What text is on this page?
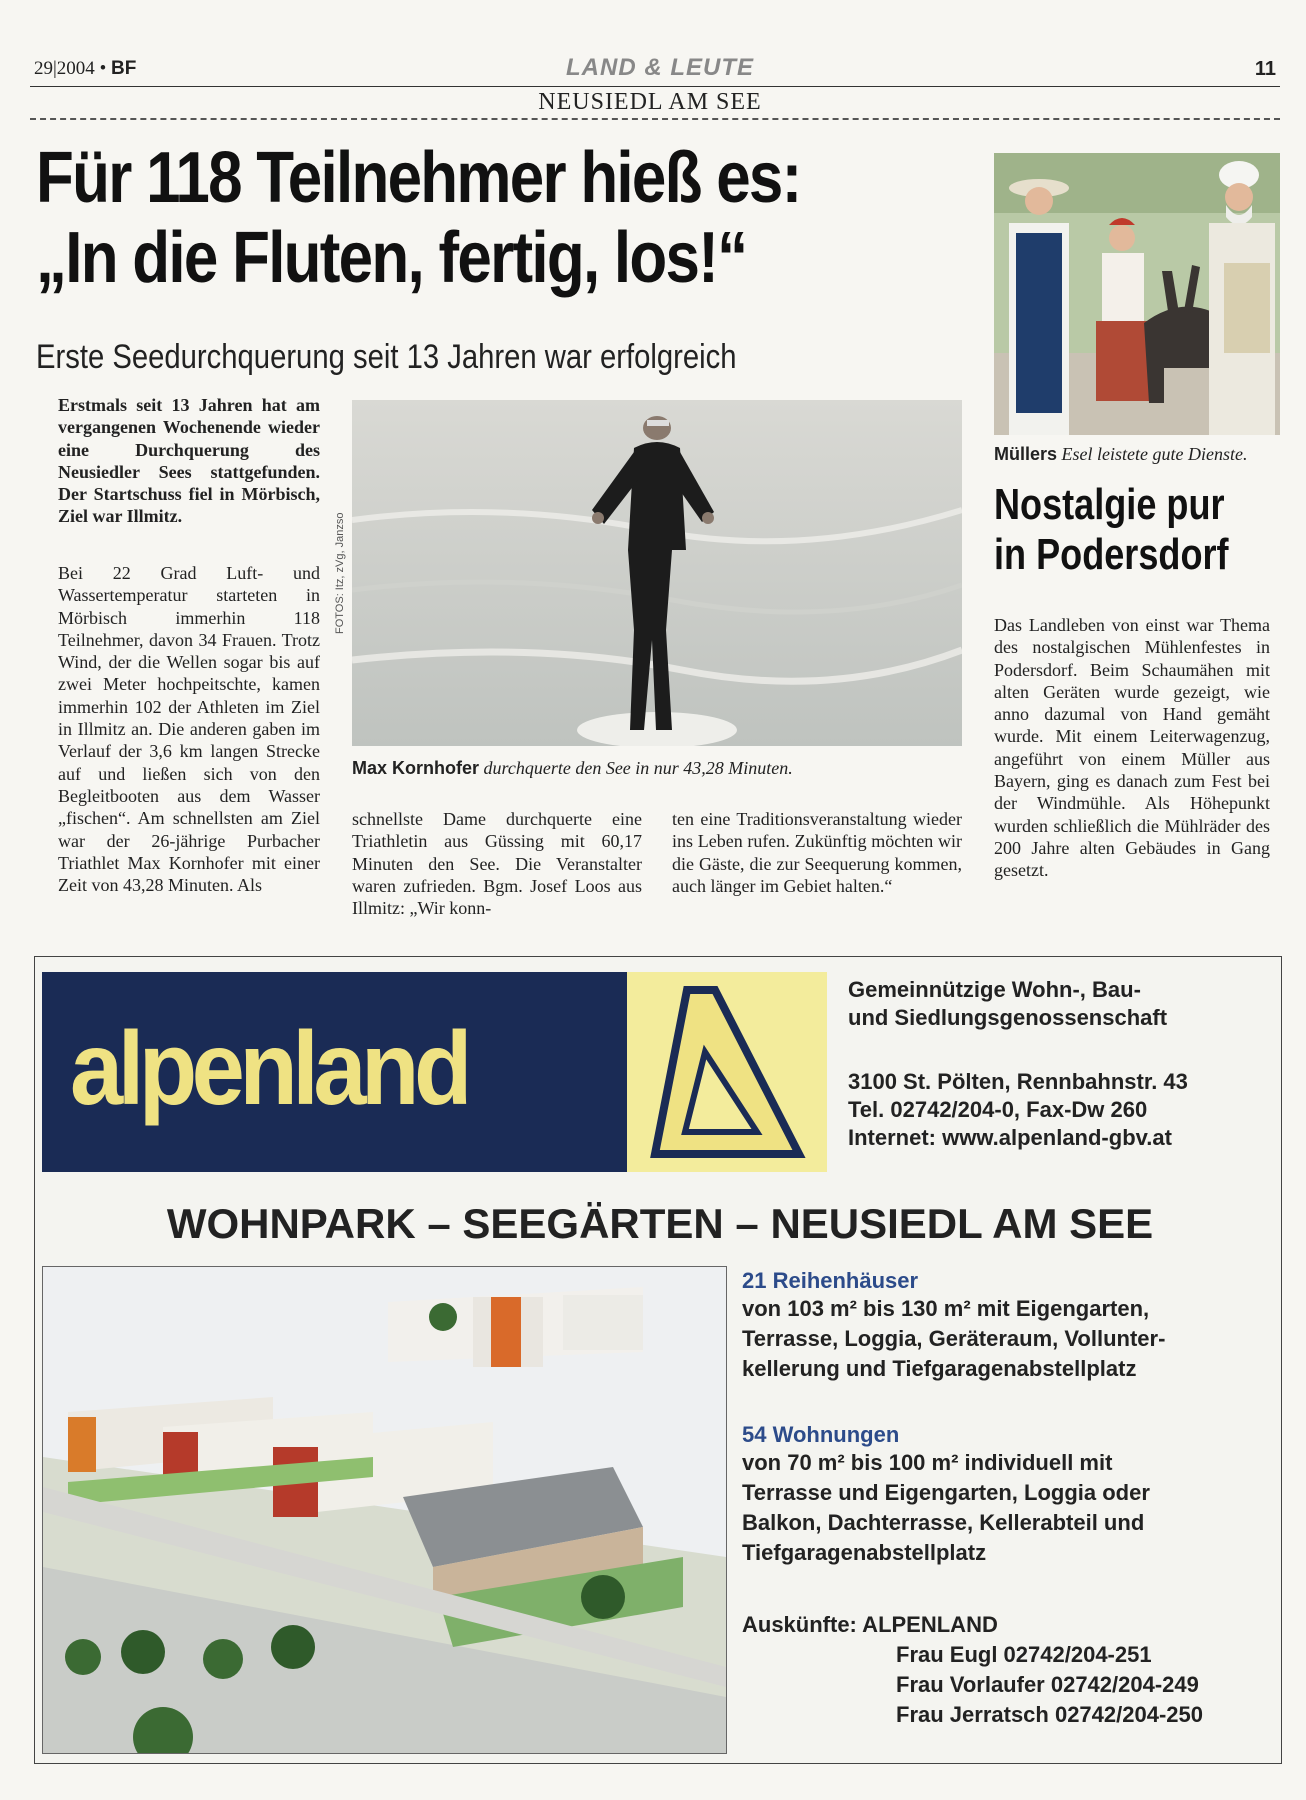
29|2004 • BF	LAND & LEUTE	11
NEUSIEDL AM SEE
Für 118 Teilnehmer hieß es:
„In die Fluten, fertig, los!“
Erste Seedurchquerung seit 13 Jahren war erfolgreich
Erstmals seit 13 Jahren hat am vergangenen Wochenende wieder eine Durchquerung des Neusiedler Sees stattgefunden. Der Startschuss fiel in Mörbisch, Ziel war Illmitz.
Bei 22 Grad Luft- und Wassertemperatur starteten in Mörbisch immerhin 118 Teilnehmer, davon 34 Frauen. Trotz Wind, der die Wellen sogar bis auf zwei Meter hochpeitschte, kamen immerhin 102 der Athleten im Ziel in Illmitz an. Die anderen gaben im Verlauf der 3,6 km langen Strecke auf und ließen sich von den Begleitbooten aus dem Wasser „fischen“. Am schnellsten am Ziel war der 26-jährige Purbacher Triathlet Max Kornhofer mit einer Zeit von 43,28 Minuten. Als
FOTOS: Itz, zVg, Janzso
Max Kornhofer durchquerte den See in nur 43,28 Minuten.
schnellste Dame durchquerte eine Triathletin aus Güssing mit 60,17 Minuten den See. Die Veranstalter waren zufrieden. Bgm. Josef Loos aus Illmitz: „Wir konn-
ten eine Traditionsveranstaltung wieder ins Leben rufen. Zukünftig möchten wir die Gäste, die zur Seequerung kommen, auch länger im Gebiet halten.“
Müllers Esel leistete gute Dienste.
Nostalgie pur in Podersdorf
Das Landleben von einst war Thema des nostalgischen Mühlenfestes in Podersdorf. Beim Schaumähen mit alten Geräten wurde gezeigt, wie anno dazumal von Hand gemäht wurde. Mit einem Leiterwagenzug, angeführt von einem Müller aus Bayern, ging es danach zum Fest bei der Windmühle. Als Höhepunkt wurden schließlich die Mühlräder des 200 Jahre alten Gebäudes in Gang gesetzt.
alpenland
Gemeinnützige Wohn-, Bau-
und Siedlungsgenossenschaft
3100 St. Pölten, Rennbahnstr. 43
Tel. 02742/204-0, Fax-Dw 260
Internet: www.alpenland-gbv.at
WOHNPARK – SEEGÄRTEN – NEUSIEDL AM SEE
21 Reihenhäuser
von 103 m² bis 130 m² mit Eigengarten,
Terrasse, Loggia, Geräteraum, Vollunter-
kellerung und Tiefgaragenabstellplatz
54 Wohnungen
von 70 m² bis 100 m² individuell mit
Terrasse und Eigengarten, Loggia oder
Balkon, Dachterrasse, Kellerabteil und
Tiefgaragenabstellplatz
Auskünfte: ALPENLAND
Frau Eugl 02742/204-251
Frau Vorlaufer 02742/204-249
Frau Jerratsch 02742/204-250
